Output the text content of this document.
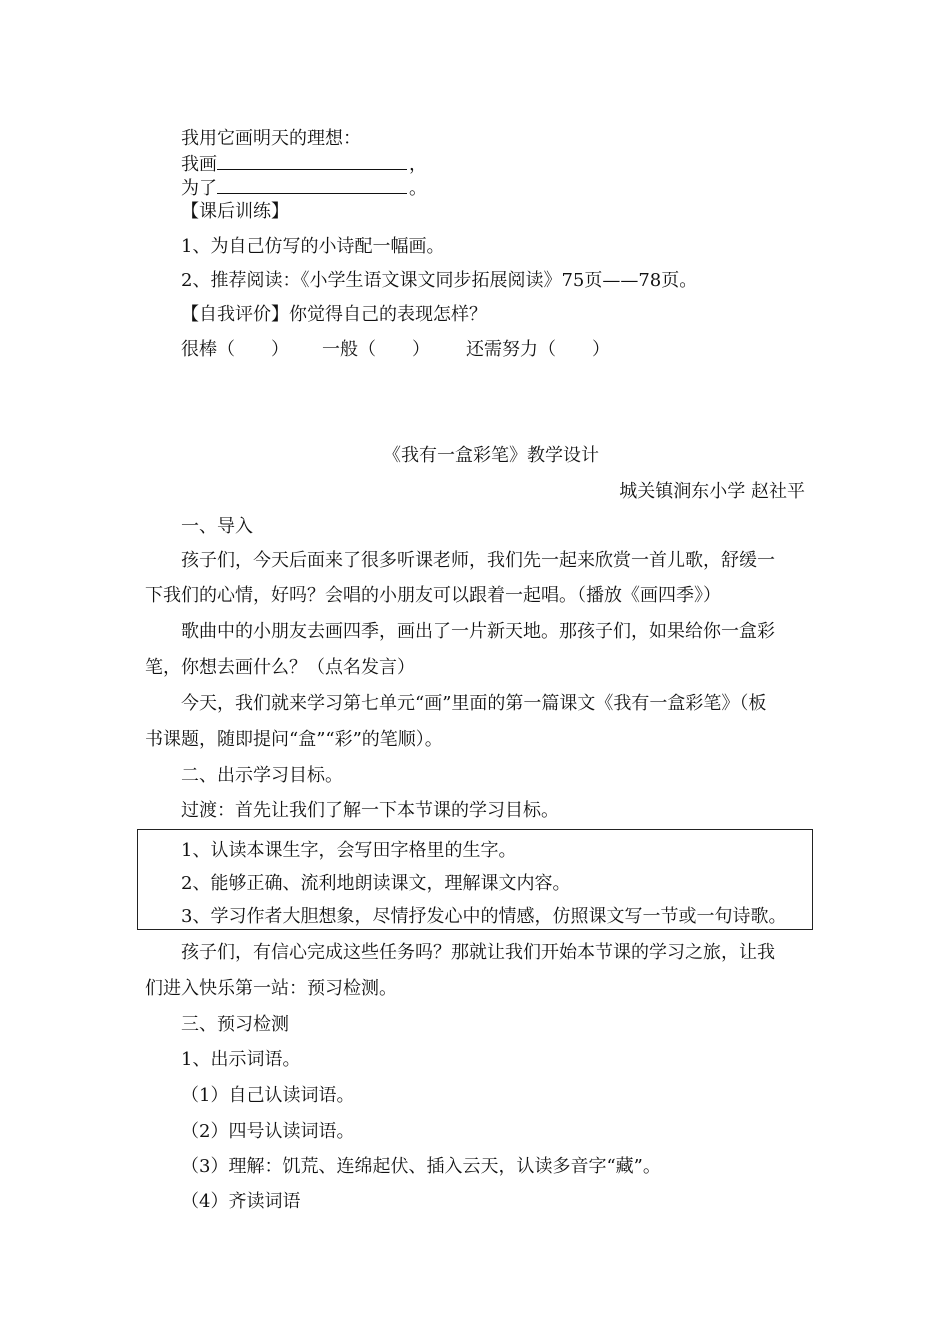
我用它画明天的理想：
我画	，
为了	。
【课后训练】
1、为自己仿写的小诗配一幅画。
2、推荐阅读：《小学生语文课文同步拓展阅读》75页——78页。
【自我评价】你觉得自己的表现怎样？
很棒（　　） 一般（　　） 还需努力（　　）
《我有一盒彩笔》教学设计
城关镇涧东小学 赵社平
一、导入
孩子们，今天后面来了很多听课老师，我们先一起来欣赏一首儿歌，舒缓一
下我们的心情，好吗？会唱的小朋友可以跟着一起唱。（播放《画四季》）
歌曲中的小朋友去画四季，画出了一片新天地。那孩子们，如果给你一盒彩
笔，你想去画什么？（点名发言）
今天，我们就来学习第七单元“画”里面的第一篇课文《我有一盒彩笔》（板
书课题，随即提问“盒”“彩”的笔顺）。
二、出示学习目标。
过渡：首先让我们了解一下本节课的学习目标。
1、认读本课生字，会写田字格里的生字。
2、能够正确、流利地朗读课文，理解课文内容。
3、学习作者大胆想象，尽情抒发心中的情感，仿照课文写一节或一句诗歌。
孩子们，有信心完成这些任务吗？那就让我们开始本节课的学习之旅，让我
们进入快乐第一站：预习检测。
三、预习检测
1、出示词语。
（1）自己认读词语。
（2）四号认读词语。
（3）理解：饥荒、连绵起伏、插入云天，认读多音字“藏”。
（4）齐读词语
